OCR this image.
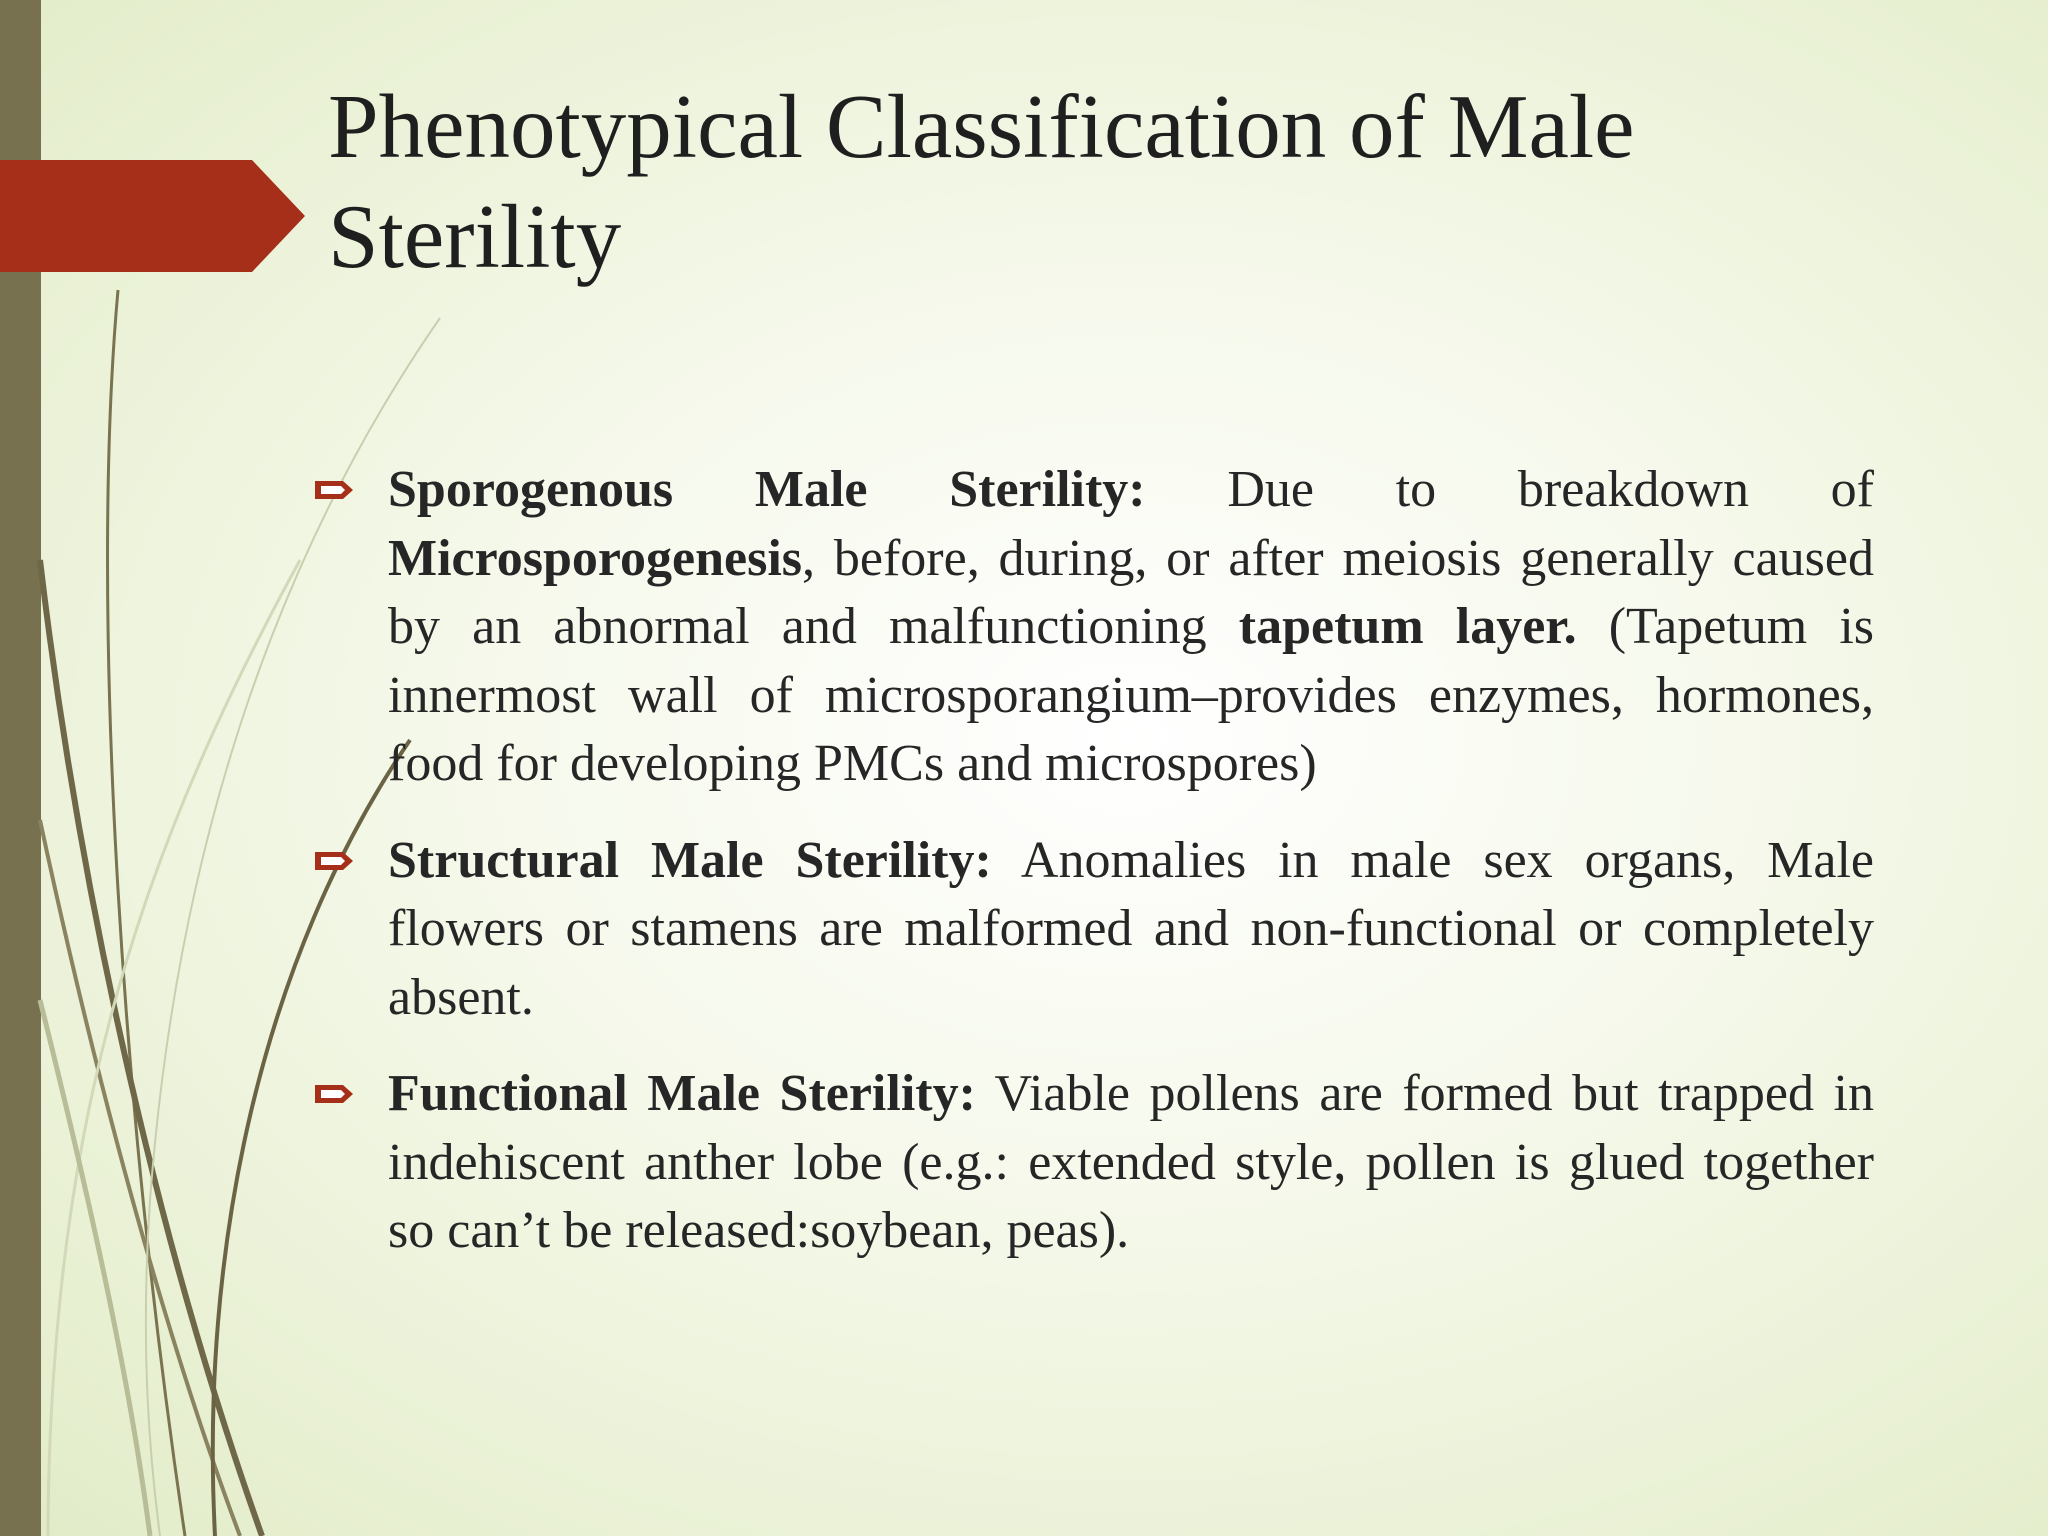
Phenotypical Classification of Male Sterility
Sporogenous Male Sterility: Due to breakdown of Microsporogenesis, before, during, or after meiosis generally caused by an abnormal and malfunctioning tapetum layer. (Tapetum is innermost wall of microsporangium–provides enzymes, hormones, food for developing PMCs and microspores)
Structural Male Sterility: Anomalies in male sex organs, Male flowers or stamens are malformed and non-functional or completely absent.
Functional Male Sterility: Viable pollens are formed but trapped in indehiscent anther lobe (e.g.: extended style, pollen is glued together so can’t be released:soybean, peas).
